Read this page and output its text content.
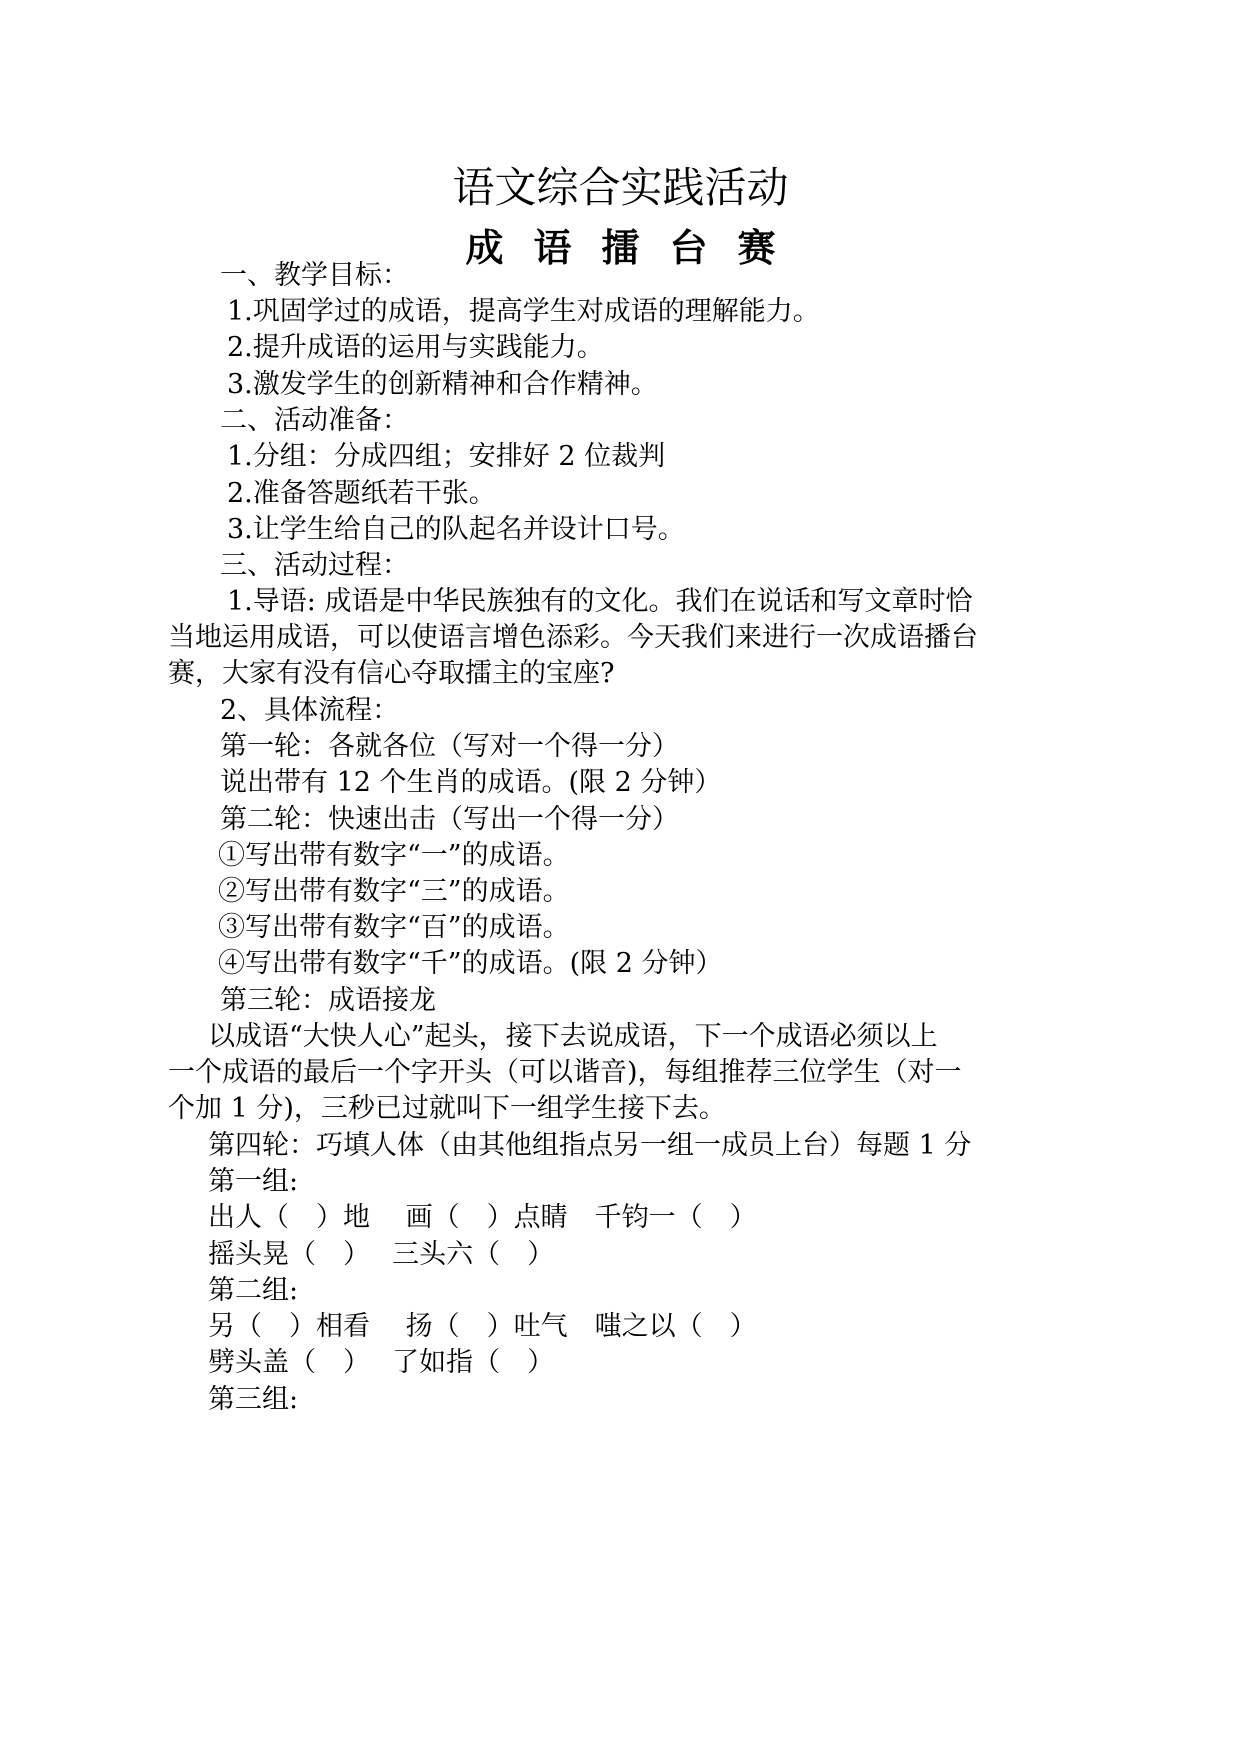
语文综合实践活动
成语擂台赛
一、教学目标：
1.巩固学过的成语，提高学生对成语的理解能力。
2.提升成语的运用与实践能力。
3.激发学生的创新精神和合作精神。
二、活动准备：
1.分组：分成四组；安排好 2 位裁判
2.准备答题纸若干张。
3.让学生给自己的队起名并设计口号。
三、活动过程：
1.导语: 成语是中华民族独有的文化。我们在说话和写文章时恰
当地运用成语，可以使语言增色添彩。今天我们来进行一次成语播台
赛，大家有没有信心夺取擂主的宝座?
2、具体流程：
第一轮：各就各位（写对一个得一分）
说出带有 12 个生肖的成语。(限 2 分钟）
第二轮：快速出击（写出一个得一分）
①写出带有数字“一”的成语。
②写出带有数字“三”的成语。
③写出带有数字“百”的成语。
④写出带有数字“千”的成语。(限 2 分钟）
第三轮：成语接龙
以成语“大快人心”起头，接下去说成语，下一个成语必须以上
一个成语的最后一个字开头（可以谐音)，每组推荐三位学生（对一
个加 1 分)，三秒已过就叫下一组学生接下去。
第四轮：巧填人体（由其他组指点另一组一成员上台）每题 1 分
第一组:
出人（　）地　 画（　）点睛　千钧一（　）
摇头晃（　）　 三头六（　）
第二组:
另（　）相看　 扬（　）吐气　嗤之以（　）
劈头盖（　）　 了如指（　）
第三组:
